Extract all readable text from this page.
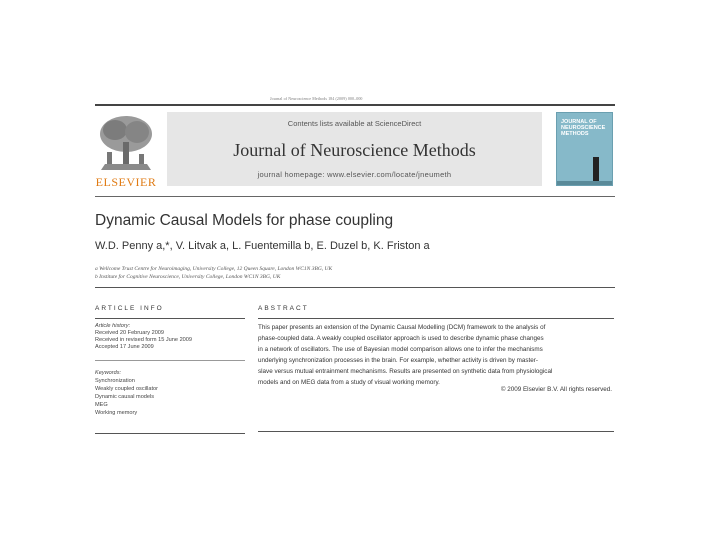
Journal of Neuroscience Methods 184 (2009) 000–000
ELSEVIER
Contents lists available at ScienceDirect
Journal of Neuroscience Methods
journal homepage: www.elsevier.com/locate/jneumeth
JOURNAL OF NEUROSCIENCE METHODS
Dynamic Causal Models for phase coupling
W.D. Penny a,*, V. Litvak a, L. Fuentemilla b, E. Duzel b, K. Friston a
a Wellcome Trust Centre for Neuroimaging, University College, 12 Queen Square, London WC1N 3BG, UK
b Institute for Cognitive Neuroscience, University College, London WC1N 3BG, UK
ARTICLE INFO
Article history:
Received 20 February 2009
Received in revised form 15 June 2009
Accepted 17 June 2009
Keywords:
Synchronization
Weakly coupled oscillator
Dynamic causal models
MEG
Working memory
ABSTRACT
This paper presents an extension of the Dynamic Causal Modelling (DCM) framework to the analysis of
phase-coupled data. A weakly coupled oscillator approach is used to describe dynamic phase changes
in a network of oscillators. The use of Bayesian model comparison allows one to infer the mechanisms
underlying synchronization processes in the brain. For example, whether activity is driven by master-
slave versus mutual entrainment mechanisms. Results are presented on synthetic data from physiological
models and on MEG data from a study of visual working memory.
© 2009 Elsevier B.V. All rights reserved.
